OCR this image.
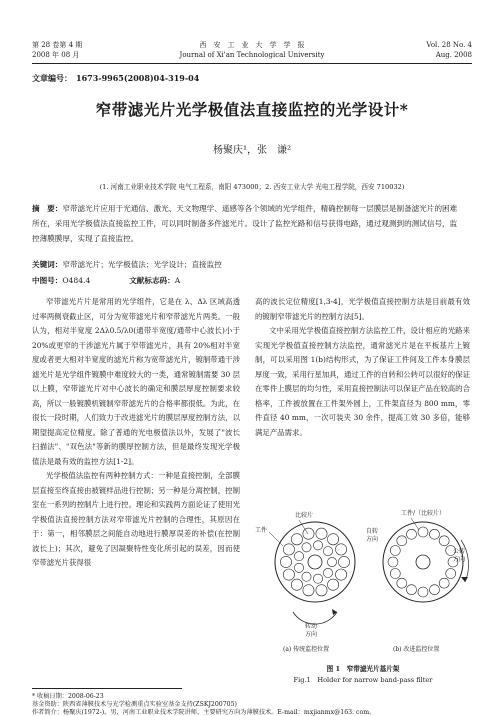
第 28 卷第 4 期
2008 年 08 月
西　安　工　业　大　学　学　报
Journal of Xi'an Technological University
Vol. 28 No. 4
Aug. 2008
文章编号：　1673-9965(2008)04-319-04
窄带滤光片光学极值法直接监控的光学设计*
杨聚庆¹，张　谦²
(1. 河南工业职业技术学院 电气工程系，南阳 473000；2. 西安工业大学 光电工程学院，西安 710032)
摘　要：窄带滤光片应用于光通信、激光、天文物理学、遥感等各个领域的光学组件，精确控制每一层膜层是制备滤光片的困难所在，采用光学极值法直接监控工件，可以同时制备多件滤光片。设计了监控光路和信号获得电路，通过观测到的测试信号，监控薄膜膜厚，实现了直接监控。
关键词：窄带滤光片；光学极值法；光学设计；直接监控
中图号：O484.4	文献标志码：A

窄带滤光片片是常用的光学组件，它是在 λ、Δλ 区域高透过率两侧衰截止区，可分为宽带滤光片和窄带滤光片两类。一般认为，相对半宽度 2Δλ0.5/λ0(通带半宽度/通带中心波长)小于 20%或更窄的干涉滤光片属于窄带滤光片，具有 20%相对半宽度或者更大相对半宽度的滤光片称为宽带滤光片，镀制带通干涉滤光片是光学组件镀膜中难度较大的一类，通常镀制需要 30 层以上膜，窄带滤光片对中心波长的确定和膜层厚度控制要求较高，所以一般镀膜机镀制窄带滤光片的合格率都很低。为此，在很长一段时期，人们致力于改进滤光片的膜层厚度控制方法，以期望提高定位精度。除了普通的光电极值法以外，发展了"波长扫描法"、"双色法"等新的膜厚控制方法，但是最终发现光学极值法是最有效的监控方法[1-2]。

光学极值法监控有两种控制方式：一种是直接控制，全部膜层直接至终直接由被镀样品进行控制；另一种是分离控制，控制室在一系列的控制片上进行控。理论和实践两方面论证了使用光学极值法直接控制方法对窄带滤光片控制的合理性，其原因在于：第一，相邻膜层之间能自动地进行膜厚误差的补偿(在控制波长上)；其次，避免了因凝聚特性变化所引起的误差，因而使窄带滤光片获得很

高的波长定位精度[1,3-4]，光学极值直接控制方法是目前最有效的镀制窄带滤光片的控制方法[5]。

文中采用光学极值直接控制方法监控工件，设计相应的光路来实现光学极值直接控制方法监控，通常滤光片是在平板基片上镀制，可以采用图 1(b)结构形式，为了保证工件间及工件本身膜层厚度一致，采用行星加具，通过工件的自转和公转可以很好的保证在零件上膜层的均匀性，采用直接控制法可以保证产品在较高的合格率，工件被放置在工件架外圆上，工件架直径为 800 mm，零件直径 40 mm，一次可装夹 30 余件，提高工效 30 多倍，能够满足产品需求。

比较片
工件
转动
方向
工件/（比较片）
自转
方向
公转
方向
(a) 传统监控位置	(b) 改进监控位置
图 1　窄带滤光片基片架
Fig.1　Holder for narrow band-pass filter
* 收稿日期：2008-06-23
基金资助：陕西省薄膜技术与光学检测重点实验室基金支持(ZSKJ200705)
作者简介：杨聚庆(1972-)，男，河南工业职业技术学院讲师，主要研究方向为薄膜技术。E-mail：mxjianmx@163. com。
